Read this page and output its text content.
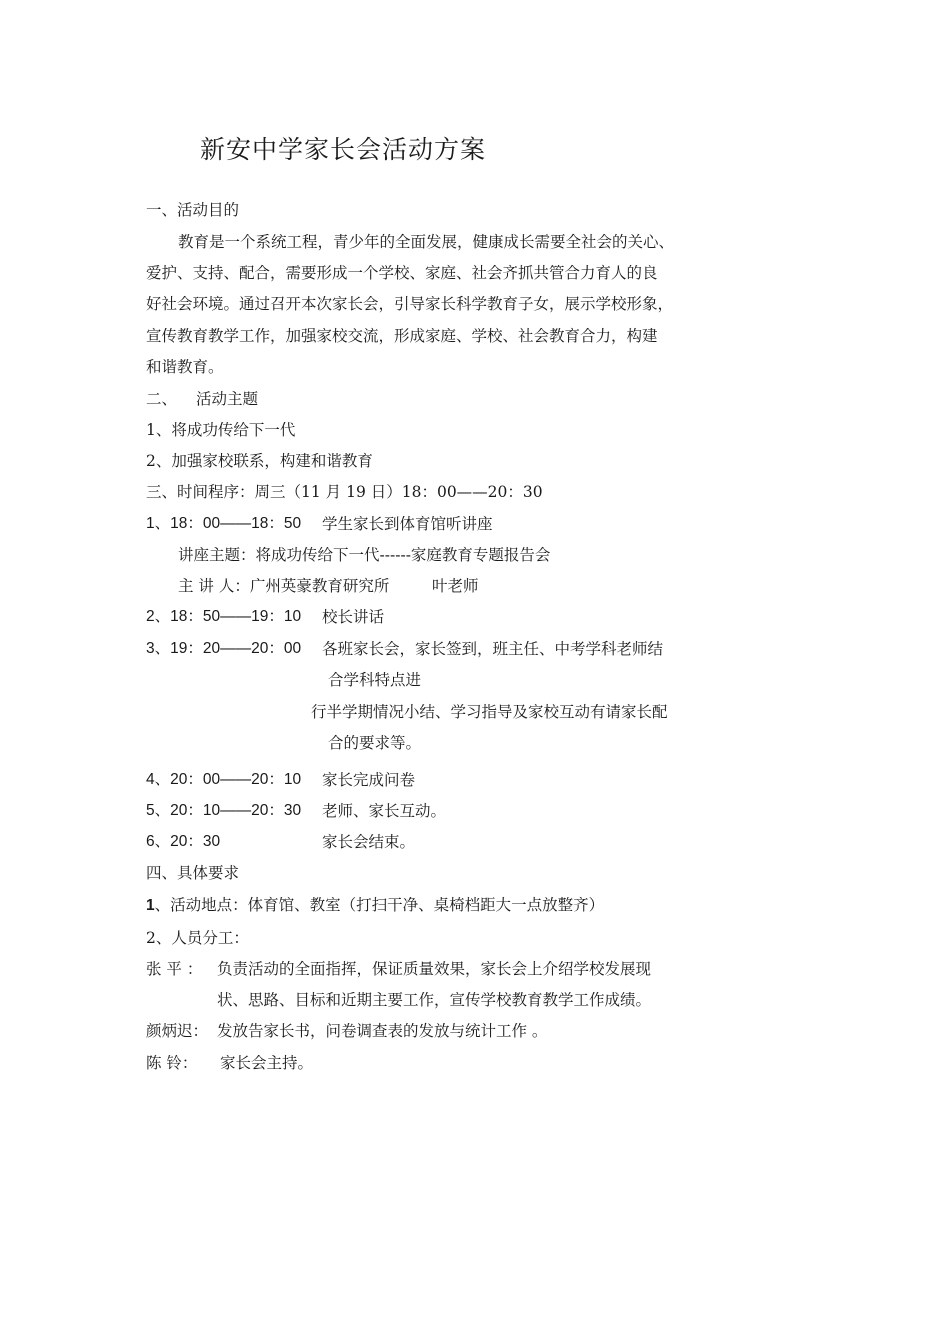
新安中学家长会活动方案
一、活动目的
教育是一个系统工程，青少年的全面发展，健康成长需要全社会的关心、
爱护、支持、配合，需要形成一个学校、家庭、社会齐抓共管合力育人的良
好社会环境。通过召开本次家长会，引导家长科学教育子女，展示学校形象，
宣传教育教学工作，加强家校交流，形成家庭、学校、社会教育合力，构建
和谐教育。
二、 活动主题
1、将成功传给下一代
2、加强家校联系，构建和谐教育
三、时间程序：周三（11 月 19 日）18：00——20：30
1、18：00——18：50 学生家长到体育馆听讲座
讲座主题：将成功传给下一代------家庭教育专题报告会
主 讲 人：广州英豪教育研究所	叶老师
2、18：50——19：10 校长讲话
3、19：20——20：00 各班家长会，家长签到，班主任、中考学科老师结
合学科特点进
行半学期情况小结、学习指导及家校互动有请家长配
合的要求等。
4、20：00——20：10 家长完成问卷
5、20：10——20：30 老师、家长互动。
6、20：30	家长会结束。
四、具体要求
1、活动地点：体育馆、教室（打扫干净、桌椅档距大一点放整齐）
2、人员分工：
张 平 ： 负责活动的全面指挥，保证质量效果，家长会上介绍学校发展现
状、思路、目标和近期主要工作，宣传学校教育教学工作成绩。
颜炳迟： 发放告家长书，问卷调查表的发放与统计工作 。
陈 铃： 家长会主持。
